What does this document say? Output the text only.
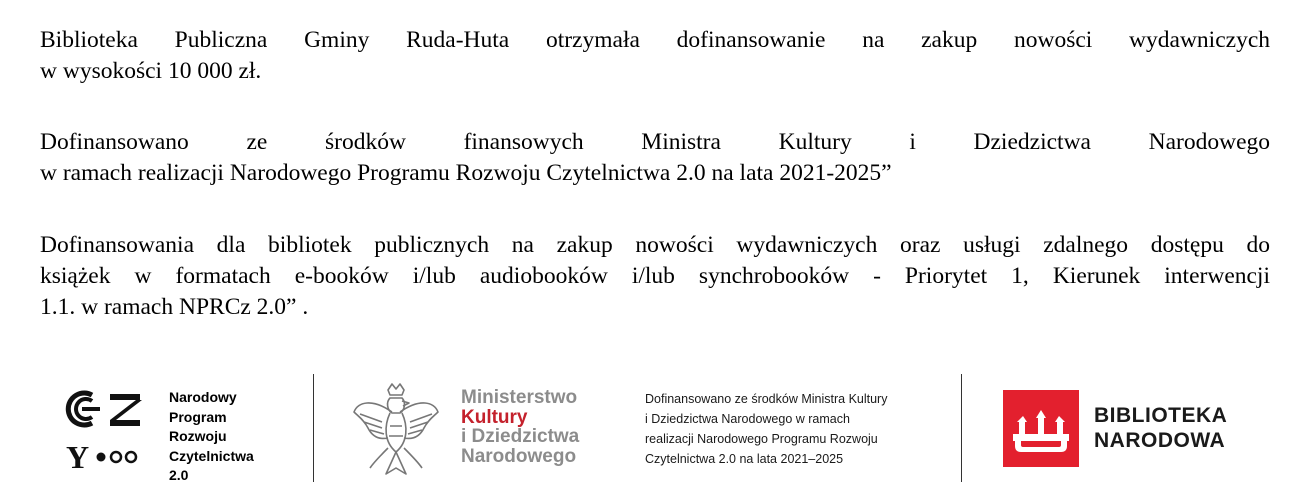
Biblioteka Publiczna Gminy Ruda-Huta otrzymała dofinansowanie na zakup nowości wydawniczych
w wysokości 10 000 zł.
Dofinansowano ze środków finansowych Ministra Kultury i Dziedzictwa Narodowego
w ramach realizacji Narodowego Programu Rozwoju Czytelnictwa 2.0 na lata 2021-2025”
Dofinansowania dla bibliotek publicznych na zakup nowości wydawniczych oraz usługi zdalnego dostępu do
książek w formatach e-booków i/lub audiobooków i/lub synchrobooków - Priorytet 1, Kierunek interwencji
1.1. w ramach NPRCz 2.0” .
Y
Narodowy
Program
Rozwoju
Czytelnictwa
2.0
Ministerstwo
Kultury
i Dziedzictwa
Narodowego
Dofinansowano ze środków Ministra Kultury
i Dziedzictwa Narodowego w ramach
realizacji Narodowego Programu Rozwoju
Czytelnictwa 2.0 na lata 2021–2025
BIBLIOTEKA
NARODOWA
